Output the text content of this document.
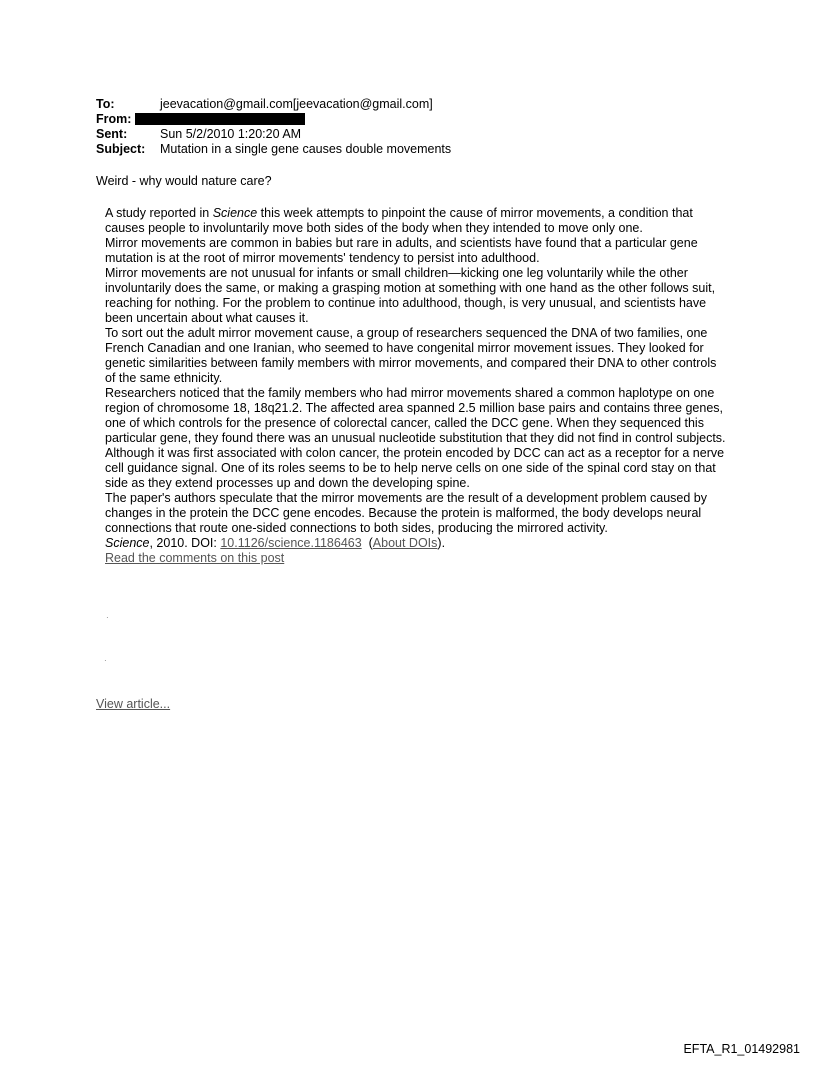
To:	jeevacation@gmail.com[jeevacation@gmail.com]
From:
Sent:	Sun 5/2/2010 1:20:20 AM
Subject:	Mutation in a single gene causes double movements
Weird - why would nature care?

A study reported in Science this week attempts to pinpoint the cause of mirror movements, a condition that causes people to involuntarily move both sides of the body when they intended to move only one.

Mirror movements are common in babies but rare in adults, and scientists have found that a particular gene mutation is at the root of mirror movements' tendency to persist into adulthood.

Mirror movements are not unusual for infants or small children—kicking one leg voluntarily while the other involuntarily does the same, or making a grasping motion at something with one hand as the other follows suit, reaching for nothing. For the problem to continue into adulthood, though, is very unusual, and scientists have been uncertain about what causes it.

To sort out the adult mirror movement cause, a group of researchers sequenced the DNA of two families, one French Canadian and one Iranian, who seemed to have congenital mirror movement issues. They looked for genetic similarities between family members with mirror movements, and compared their DNA to other controls of the same ethnicity.

Researchers noticed that the family members who had mirror movements shared a common haplotype on one region of chromosome 18, 18q21.2. The affected area spanned 2.5 million base pairs and contains three genes, one of which controls for the presence of colorectal cancer, called the DCC gene. When they sequenced this particular gene, they found there was an unusual nucleotide substitution that they did not find in control subjects.

Although it was first associated with colon cancer, the protein encoded by DCC can act as a receptor for a nerve cell guidance signal. One of its roles seems to be to help nerve cells on one side of the spinal cord stay on that side as they extend processes up and down the developing spine.

The paper's authors speculate that the mirror movements are the result of a development problem caused by changes in the protein the DCC gene encodes. Because the protein is malformed, the body develops neural connections that route one-sided connections to both sides, producing the mirrored activity.

Science, 2010. DOI: 10.1126/science.1186463  (About DOIs).

Read the comments on this post

·
·
View article...
EFTA_R1_01492981
